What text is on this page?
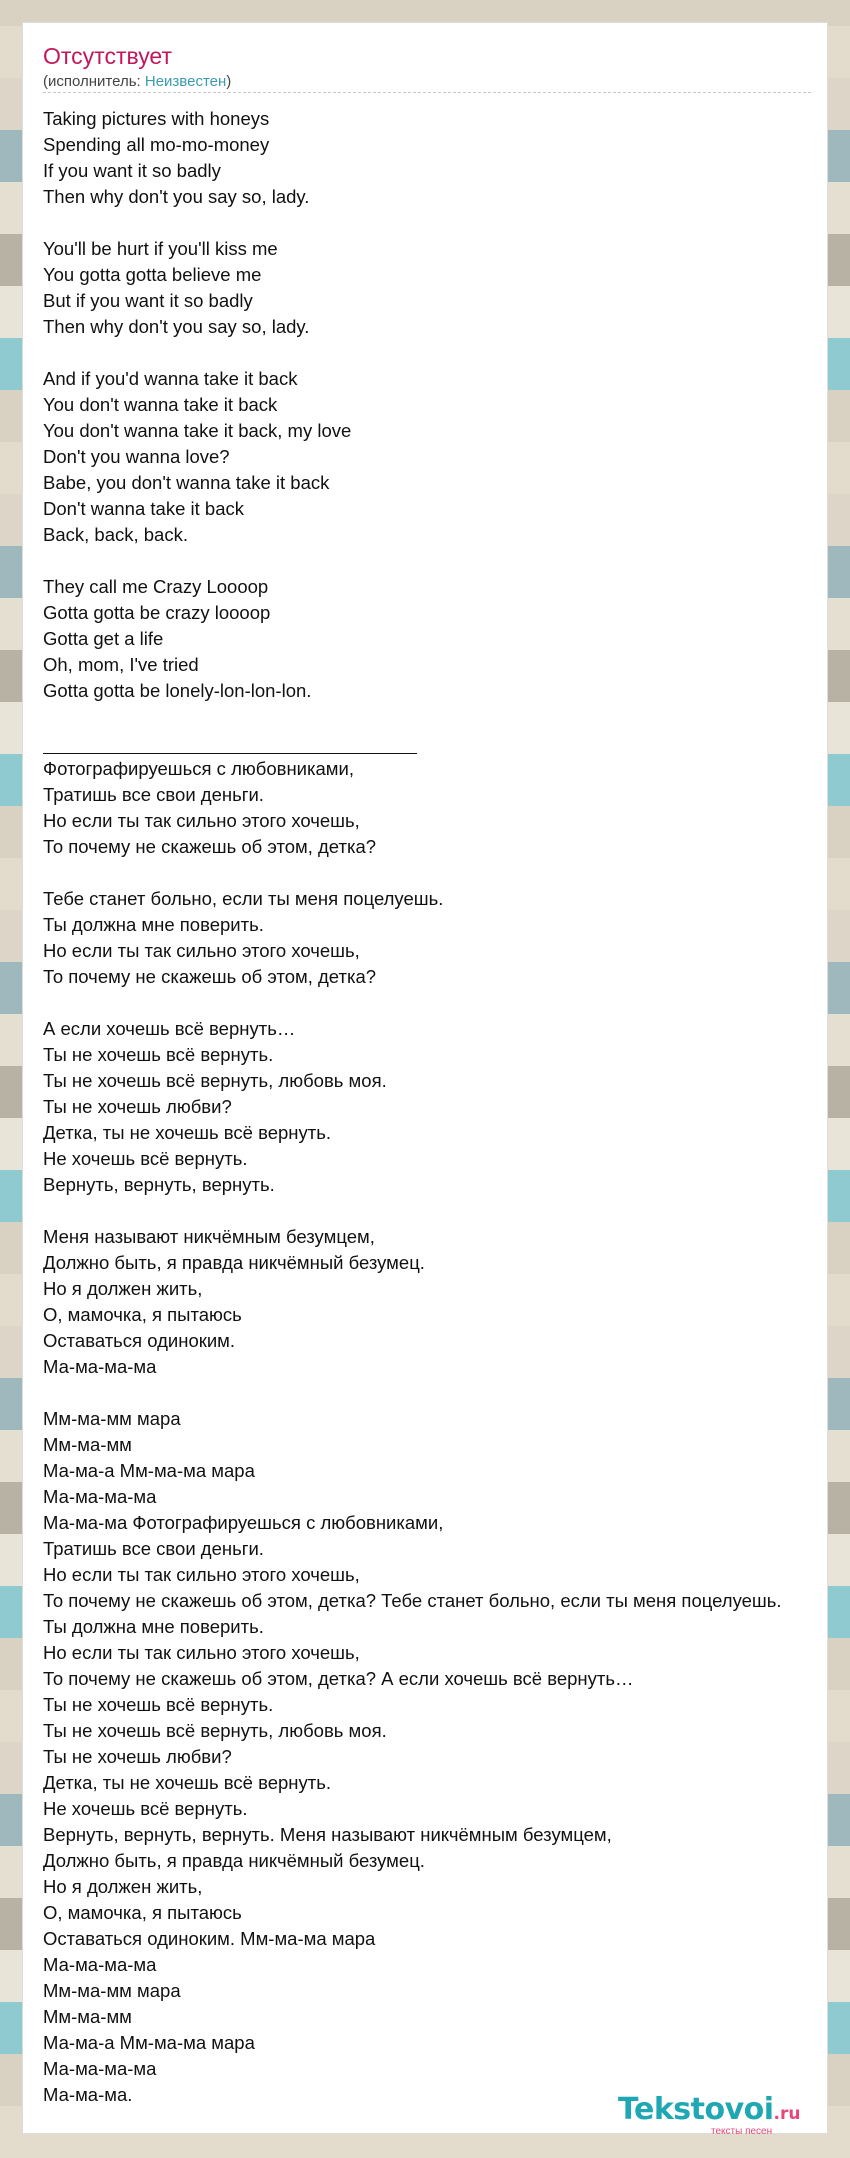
Отсутствует
(исполнитель: Неизвестен)
Taking pictures with honeys
Spending all mo-mo-money
If you want it so badly
Then why don't you say so, lady.
You'll be hurt if you'll kiss me
You gotta gotta believe me
But if you want it so badly
Then why don't you say so, lady.
And if you'd wanna take it back
You don't wanna take it back
You don't wanna take it back, my love
Don't you wanna love?
Babe, you don't wanna take it back
Don't wanna take it back
Back, back, back.
They call me Crazy Loooop
Gotta gotta be crazy loooop
Gotta get a life
Oh, mom, I've tried
Gotta gotta be lonely-lon-lon-lon.
Фотографируешься с любовниками,
Тратишь все свои деньги.
Но если ты так сильно этого хочешь,
То почему не скажешь об этом, детка?
Тебе станет больно, если ты меня поцелуешь.
Ты должна мне поверить.
Но если ты так сильно этого хочешь,
То почему не скажешь об этом, детка?
А если хочешь всё вернуть…
Ты не хочешь всё вернуть.
Ты не хочешь всё вернуть, любовь моя.
Ты не хочешь любви?
Детка, ты не хочешь всё вернуть.
Не хочешь всё вернуть.
Вернуть, вернуть, вернуть.
Меня называют никчёмным безумцем,
Должно быть, я правда никчёмный безумец.
Но я должен жить,
О, мамочка, я пытаюсь
Оставаться одиноким.
Ма-ма-ма-ма
Мм-ма-мм мара
Мм-ма-мм
Ма-ма-а Мм-ма-ма мара
Ма-ма-ма-ма
Ма-ма-ма Фотографируешься с любовниками,
Тратишь все свои деньги.
Но если ты так сильно этого хочешь,
То почему не скажешь об этом, детка? Тебе станет больно, если ты меня поцелуешь.
Ты должна мне поверить.
Но если ты так сильно этого хочешь,
То почему не скажешь об этом, детка? А если хочешь всё вернуть…
Ты не хочешь всё вернуть.
Ты не хочешь всё вернуть, любовь моя.
Ты не хочешь любви?
Детка, ты не хочешь всё вернуть.
Не хочешь всё вернуть.
Вернуть, вернуть, вернуть. Меня называют никчёмным безумцем,
Должно быть, я правда никчёмный безумец.
Но я должен жить,
О, мамочка, я пытаюсь
Оставаться одиноким. Мм-ма-ма мара
Ма-ма-ма-ма
Мм-ма-мм мара
Мм-ма-мм
Ма-ма-а Мм-ма-ма мара
Ма-ма-ма-ма
Ма-ма-ма.	Tekstovoi.ru
тексты песен
